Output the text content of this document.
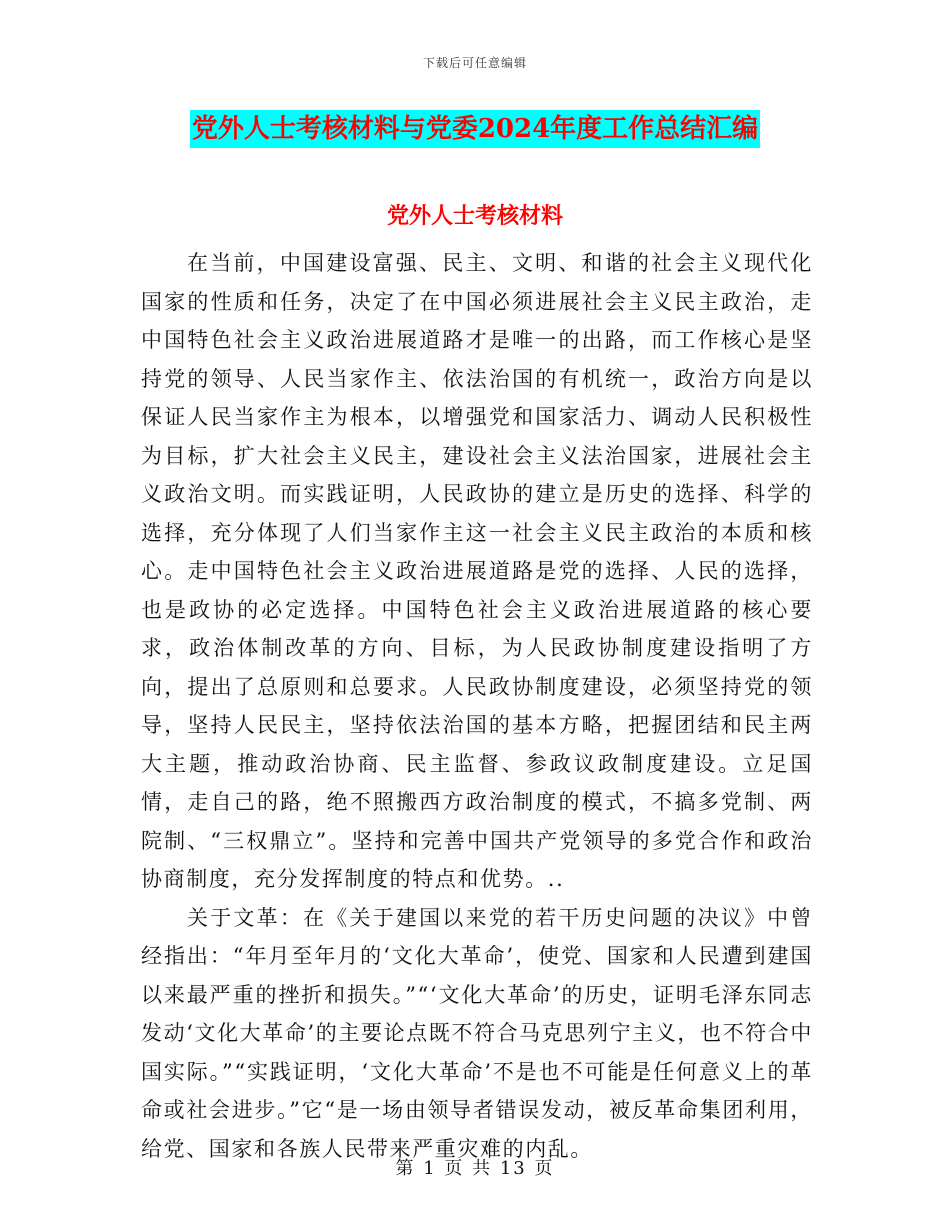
下载后可任意编辑
党外人士考核材料与党委2024年度工作总结汇编
党外人士考核材料

在当前，中国建设富强、民主、文明、和谐的社会主义现代化国家的性质和任务，决定了在中国必须进展社会主义民主政治，走中国特色社会主义政治进展道路才是唯一的出路，而工作核心是坚持党的领导、人民当家作主、依法治国的有机统一，政治方向是以保证人民当家作主为根本，以增强党和国家活力、调动人民积极性为目标，扩大社会主义民主，建设社会主义法治国家，进展社会主义政治文明。而实践证明，人民政协的建立是历史的选择、科学的选择，充分体现了人们当家作主这一社会主义民主政治的本质和核心。走中国特色社会主义政治进展道路是党的选择、人民的选择，也是政协的必定选择。中国特色社会主义政治进展道路的核心要求，政治体制改革的方向、目标，为人民政协制度建设指明了方向，提出了总原则和总要求。人民政协制度建设，必须坚持党的领导，坚持人民民主，坚持依法治国的基本方略，把握团结和民主两大主题，推动政治协商、民主监督、参政议政制度建设。立足国情，走自己的路，绝不照搬西方政治制度的模式，不搞多党制、两院制、“三权鼎立”。坚持和完善中国共产党领导的多党合作和政治协商制度，充分发挥制度的特点和优势。..

关于文革：在《关于建国以来党的若干历史问题的决议》中曾经指出：“年月至年月的‘文化大革命’，使党、国家和人民遭到建国以来最严重的挫折和损失。”“‘文化大革命’的历史，证明毛泽东同志发动‘文化大革命’的主要论点既不符合马克思列宁主义，也不符合中国实际。”“实践证明，‘文化大革命’不是也不可能是任何意义上的革命或社会进步。”它“是一场由领导者错误发动，被反革命集团利用，给党、国家和各族人民带来严重灾难的内乱。

第 1 页 共 13 页
